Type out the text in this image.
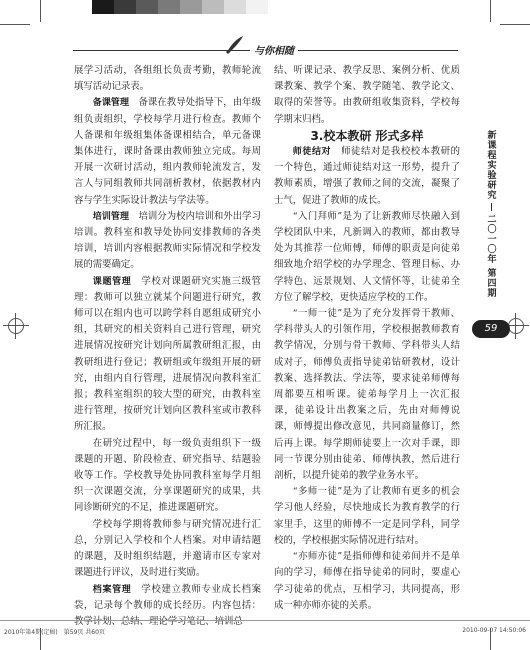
与你相随

展学习活动，各组组长负责考勤，教师轮流填写活动记录表。

备课管理　 备课在教导处指导下，由年级组负责组织，学校每学月进行检查。教师个人备课和年级组集体备课相结合，单元备课集体进行，课时备课由教师独立完成。每周开展一次研讨活动，组内教师轮流发言，发言人与同组教师共同剖析教材，依据教材内容与学生实际设计教法与学法等。

培训管理　 培训分为校内培训和外出学习培训。教科室和教导处协同安排教师的各类培训，培训内容根据教师实际情况和学校发展的需要确定。

课题管理　 学校对课题研究实施三级管理：教师可以独立就某个问题进行研究，教师可以在组内也可以跨学科自愿组成研究小组，其研究的相关资料自己进行管理，研究进展情况按研究计划向所属教研组汇报，由教研组进行登记；教研组或年级组开展的研究，由组内自行管理，进展情况向教科室汇报；教科室组织的较大型的研究，由教科室进行管理，按研究计划向区教科室或市教科所汇报。

在研究过程中，每一级负责组织下一级课题的开题、阶段检查、研究指导、结题验收等工作。学校教导处协同教科室每学月组织一次课题交流，分享课题研究的成果，共同诊断研究的不足，推进课题研究。

学校每学期将教师参与研究情况进行汇总，分别记入学校和个人档案。对申请结题的课题，及时组织结题，并邀请市区专家对课题进行评议，及时进行奖励。

档案管理　 学校建立教师专业成长档案袋，记录每个教师的成长经历。内容包括：教学计划、总结、理论学习笔记、培训总

结、听课记录、教学反思、案例分析、优质课教案、教学个案、教学随笔、教学论文、取得的荣誉等。由教研组收集资料，学校每学期末归档。

3.校本教研 形式多样

师徒结对　 师徒结对是我校校本教研的一个特色，通过师徒结对这一形势，提升了教师素质，增强了教师之间的交流，凝聚了士气，促进了教师的成长。

“入门拜师”是为了让新教师尽快融入到学校团队中来，凡新调入的教师，都由教导处为其推荐一位师傅，师傅的职责是向徒弟细致地介绍学校的办学理念、管理目标、办学特色、远景规划、人文情怀等，让徒弟全方位了解学校，更快适应学校的工作。

“一师一徒”是为了充分发挥骨干教师、学科带头人的引领作用，学校根据教师教育教学情况，分别与骨干教师、学科带头人结成对子，师傅负责指导徒弟钻研教材，设计教案、选择教法、学法等，要求徒弟师傅每周都要互相听课。徒弟每学月上一次汇报课，徒弟设计出教案之后，先由对师傅说课，师傅提出修改意见，共同商量修订，然后再上课。每学期师徒要上一次对手课，即同一节课分别由徒弟、师傅执教，然后进行剖析，以提升徒弟的教学业务水平。

“多师一徒”是为了让教师有更多的机会学习他人经验，尽快地成长为教育教学的行家里手，这里的师傅不一定是同学科，同学校的，学校根据实际情况进行结对。

“亦师亦徒”是指师傅和徒弟间并不是单向的学习，师傅在指导徒弟的同时，要虚心学习徒弟的优点，互相学习，共同提高，形成一种亦师亦徒的关系。

新课程实验研究
二〇一〇年 第四期
59
2010年第4期(定稿)　第59页 共60页	2010-09-07 14:50:06
